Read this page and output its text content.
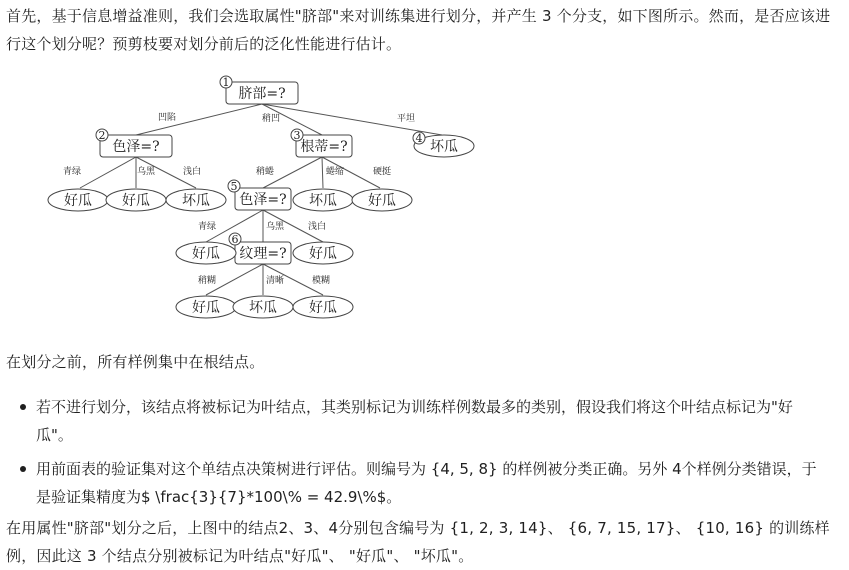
首先，基于信息增益准则，我们会选取属性"脐部"来对训练集进行划分，并产生 3 个分支，如下图所示。然而，是否应该进行这个划分呢？预剪枝要对划分前后的泛化性能进行估计。
凹陷	稍凹	平坦
青绿	乌黑	浅白	稍蜷	蜷缩	硬挺
青绿	乌黑	浅白
稍糊	清晰	模糊
脐部=?
色泽=?	根蒂=?
色泽=?
纹理=?
坏瓜
好瓜 好瓜 坏瓜	坏瓜 好瓜
好瓜	好瓜
好瓜 坏瓜 好瓜
1
2	3	4
5
6
在划分之前，所有样例集中在根结点。
若不进行划分，该结点将被标记为叶结点，其类别标记为训练样例数最多的类别，假设我们将这个叶结点标记为"好瓜"。
用前面表的验证集对这个单结点决策树进行评估。则编号为 {4, 5, 8} 的样例被分类正确。另外 4个样例分类错误，于是验证集精度为$ \frac{3}{7}*100\% = 42.9\%$。
在用属性"脐部"划分之后，上图中的结点2、3、4分别包含编号为 {1, 2, 3, 14}、 {6, 7, 15, 17}、 {10, 16} 的训练样例，因此这 3 个结点分别被标记为叶结点"好瓜"、 "好瓜"、 "坏瓜"。
